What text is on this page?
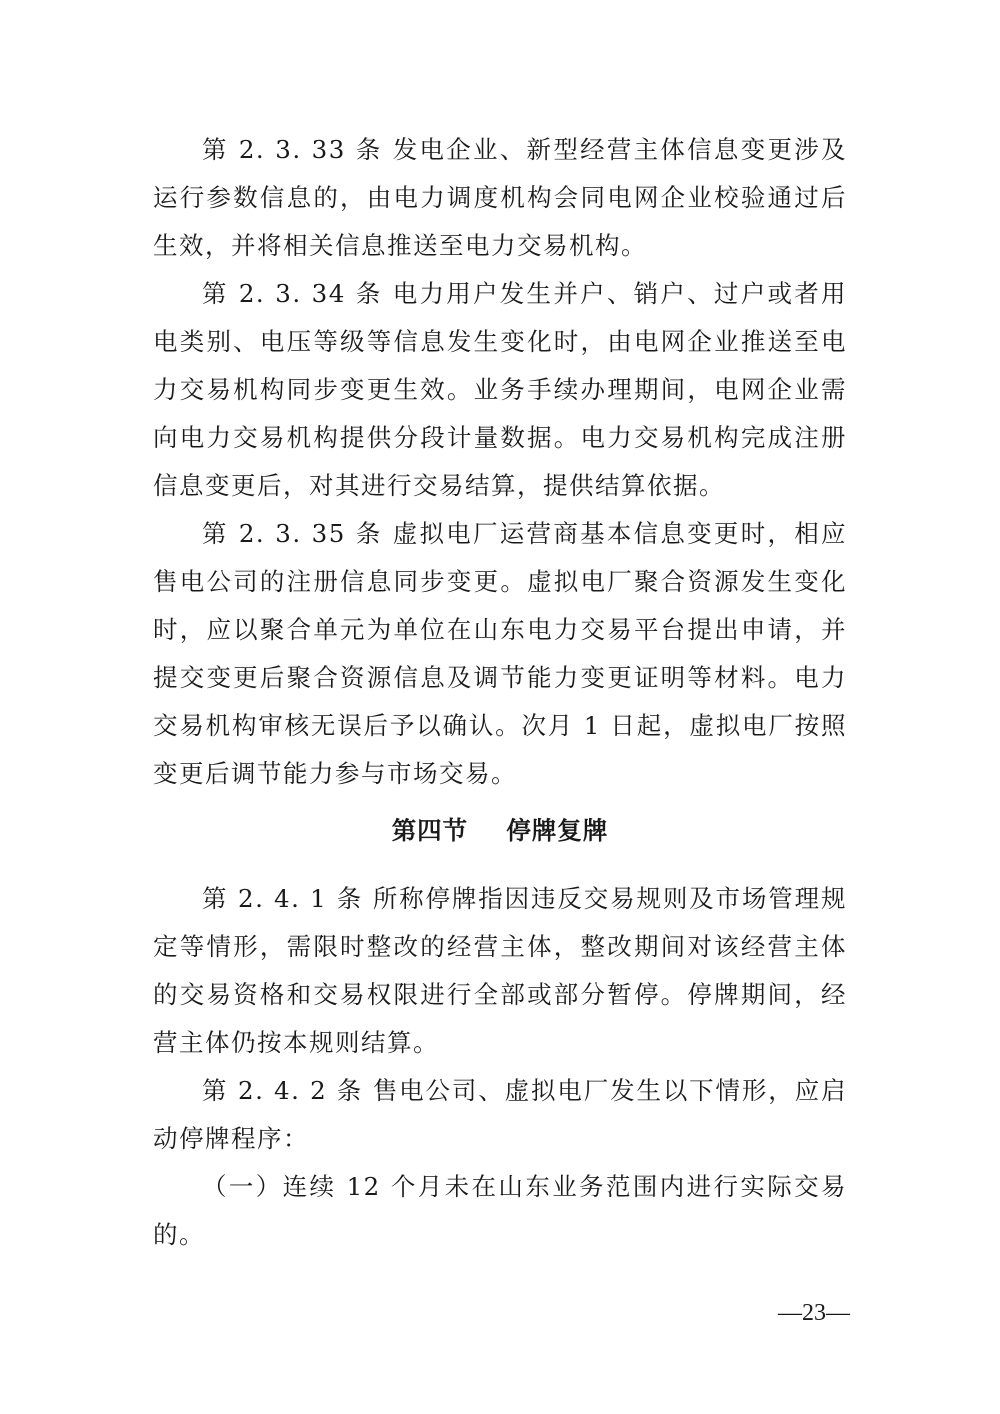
第 2. 3. 33 条 发电企业、新型经营主体信息变更涉及运行参数信息的，由电力调度机构会同电网企业校验通过后生效，并将相关信息推送至电力交易机构。

第 2. 3. 34 条 电力用户发生并户、销户、过户或者用电类别、电压等级等信息发生变化时，由电网企业推送至电力交易机构同步变更生效。业务手续办理期间，电网企业需向电力交易机构提供分段计量数据。电力交易机构完成注册信息变更后，对其进行交易结算，提供结算依据。

第 2. 3. 35 条 虚拟电厂运营商基本信息变更时，相应售电公司的注册信息同步变更。虚拟电厂聚合资源发生变化时，应以聚合单元为单位在山东电力交易平台提出申请，并提交变更后聚合资源信息及调节能力变更证明等材料。电力交易机构审核无误后予以确认。次月 1 日起，虚拟电厂按照变更后调节能力参与市场交易。

第四节    停牌复牌

第 2. 4. 1 条 所称停牌指因违反交易规则及市场管理规定等情形，需限时整改的经营主体，整改期间对该经营主体的交易资格和交易权限进行全部或部分暂停。停牌期间，经营主体仍按本规则结算。

第 2. 4. 2 条 售电公司、虚拟电厂发生以下情形，应启动停牌程序：

（一）连续 12 个月未在山东业务范围内进行实际交易的。

—23—
